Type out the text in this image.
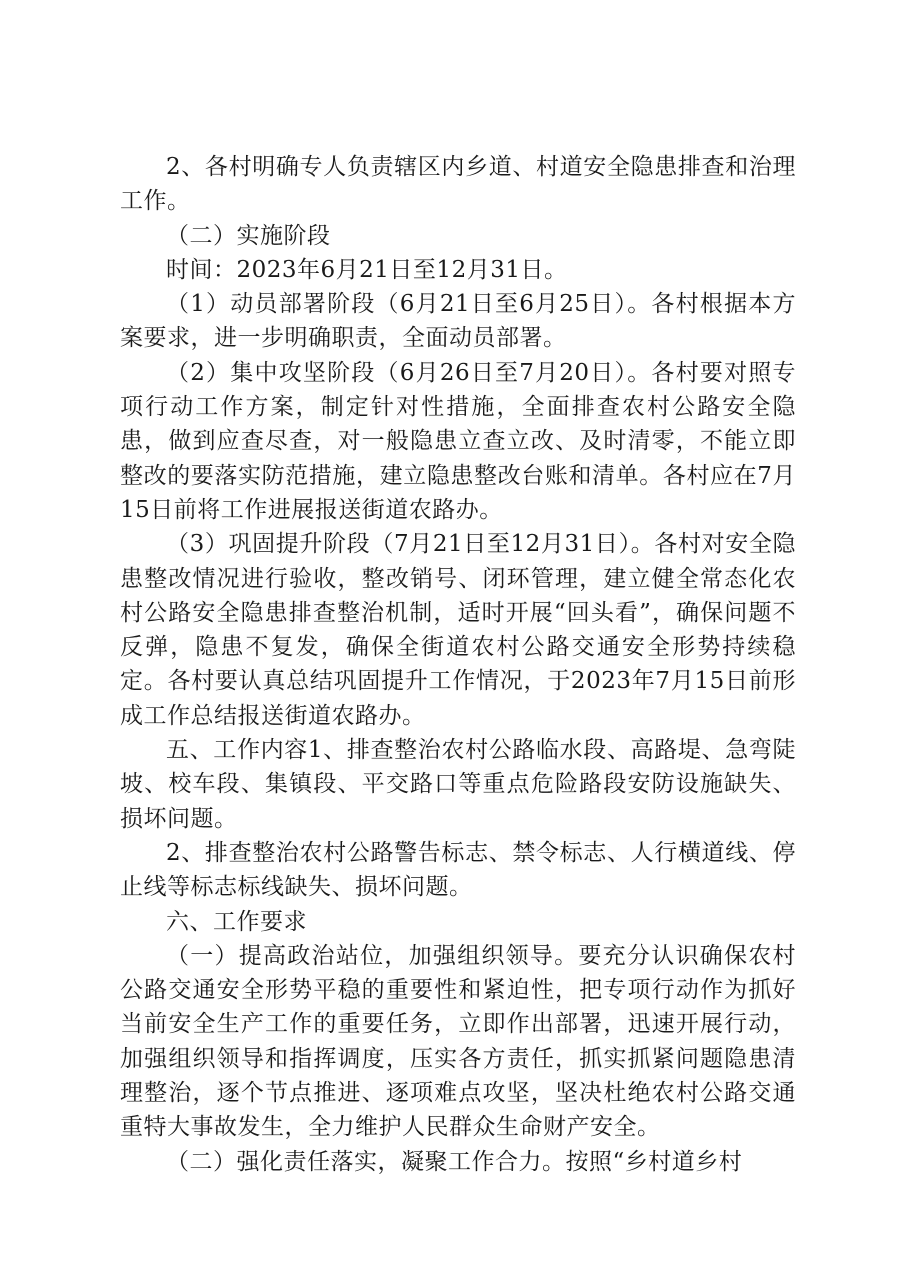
2、各村明确专人负责辖区内乡道、村道安全隐患排查和治理工作。

（二）实施阶段

时间：2023年6月21日至12月31日。

（1）动员部署阶段（6月21日至6月25日）。各村根据本方案要求，进一步明确职责，全面动员部署。

（2）集中攻坚阶段（6月26日至7月20日）。各村要对照专项行动工作方案，制定针对性措施，全面排查农村公路安全隐患，做到应查尽查，对一般隐患立查立改、及时清零，不能立即整改的要落实防范措施，建立隐患整改台账和清单。各村应在7月15日前将工作进展报送街道农路办。

（3）巩固提升阶段（7月21日至12月31日）。各村对安全隐患整改情况进行验收，整改销号、闭环管理，建立健全常态化农村公路安全隐患排查整治机制，适时开展“回头看”，确保问题不反弹，隐患不复发，确保全街道农村公路交通安全形势持续稳定。各村要认真总结巩固提升工作情况，于2023年7月15日前形成工作总结报送街道农路办。

五、工作内容1、排查整治农村公路临水段、高路堤、急弯陡坡、校车段、集镇段、平交路口等重点危险路段安防设施缺失、损坏问题。

2、排查整治农村公路警告标志、禁令标志、人行横道线、停止线等标志标线缺失、损坏问题。

六、工作要求

（一）提高政治站位，加强组织领导。要充分认识确保农村公路交通安全形势平稳的重要性和紧迫性，把专项行动作为抓好当前安全生产工作的重要任务，立即作出部署，迅速开展行动，加强组织领导和指挥调度，压实各方责任，抓实抓紧问题隐患清理整治，逐个节点推进、逐项难点攻坚，坚决杜绝农村公路交通重特大事故发生，全力维护人民群众生命财产安全。

（二）强化责任落实，凝聚工作合力。按照“乡村道乡村
